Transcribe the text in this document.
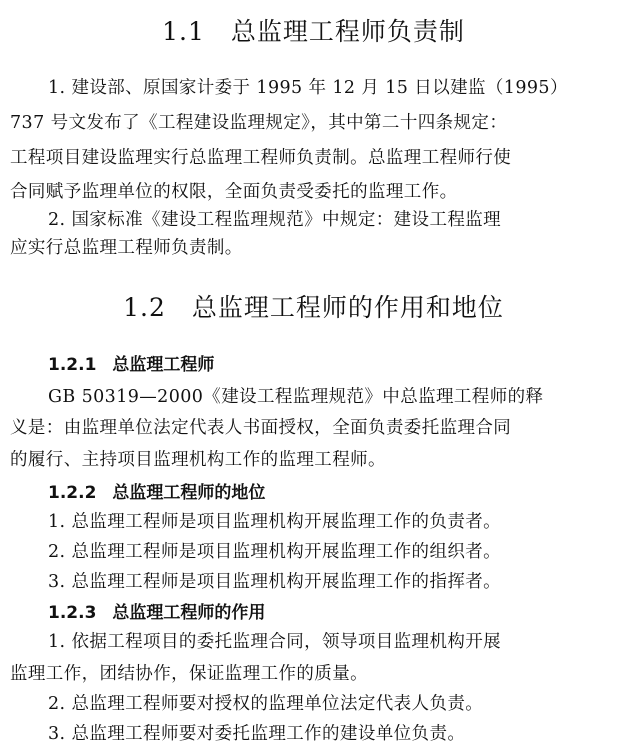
1.1 总监理工程师负责制
1. 建设部、原国家计委于 1995 年 12 月 15 日以建监（1995）
737 号文发布了《工程建设监理规定》，其中第二十四条规定：
工程项目建设监理实行总监理工程师负责制。总监理工程师行使
合同赋予监理单位的权限，全面负责受委托的监理工作。
2. 国家标准《建设工程监理规范》中规定：建设工程监理
应实行总监理工程师负责制。
1.2 总监理工程师的作用和地位
1.2.1 总监理工程师
GB 50319—2000《建设工程监理规范》中总监理工程师的释
义是：由监理单位法定代表人书面授权，全面负责委托监理合同
的履行、主持项目监理机构工作的监理工程师。
1.2.2 总监理工程师的地位
1. 总监理工程师是项目监理机构开展监理工作的负责者。
2. 总监理工程师是项目监理机构开展监理工作的组织者。
3. 总监理工程师是项目监理机构开展监理工作的指挥者。
1.2.3 总监理工程师的作用
1. 依据工程项目的委托监理合同，领导项目监理机构开展
监理工作，团结协作，保证监理工作的质量。
2. 总监理工程师要对授权的监理单位法定代表人负责。
3. 总监理工程师要对委托监理工作的建设单位负责。
